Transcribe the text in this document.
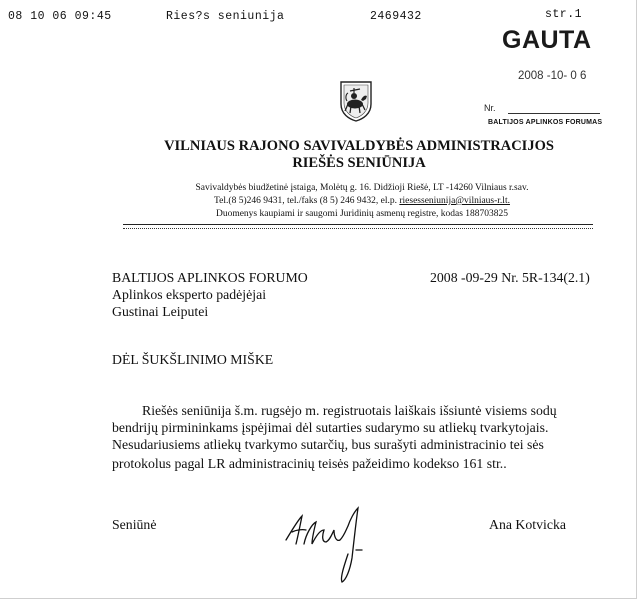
08 10 06 09:45	Ries?s seniunija	2469432	str.1
GAUTA
2008 -10- 0 6
Nr.
BALTIJOS APLINKOS FORUMAS
VILNIAUS RAJONO SAVIVALDYBĖS ADMINISTRACIJOS
RIEŠĖS SENIŪNIJA
Savivaldybės biudžetinė įstaiga, Molėtų g. 16. Didžioji Riešė, LT -14260 Vilniaus r.sav.
Tel.(8 5)246 9431, tel./faks (8 5) 246 9432, el.p. riesesseniunija@vilniaus-r.lt.
Duomenys kaupiami ir saugomi Juridinių asmenų registre, kodas 188703825
BALTIJOS APLINKOS FORUMO
Aplinkos eksperto padėjėjai
Gustinai Leiputei
2008 -09-29 Nr. 5R-134(2.1)
DĖL ŠUKŠLINIMO MIŠKE
Riešės seniūnija š.m. rugsėjo m. registruotais laiškais išsiuntė visiems sodų
bendrijų pirmininkams įspėjimai dėl sutarties sudarymo su atliekų tvarkytojais.
Nesudariusiems atliekų tvarkymo sutarčių, bus surašyti administracinio tei sės
protokolus pagal LR administracinių teisės pažeidimo kodekso 161 str..
Seniūnė	Ana Kotvicka
